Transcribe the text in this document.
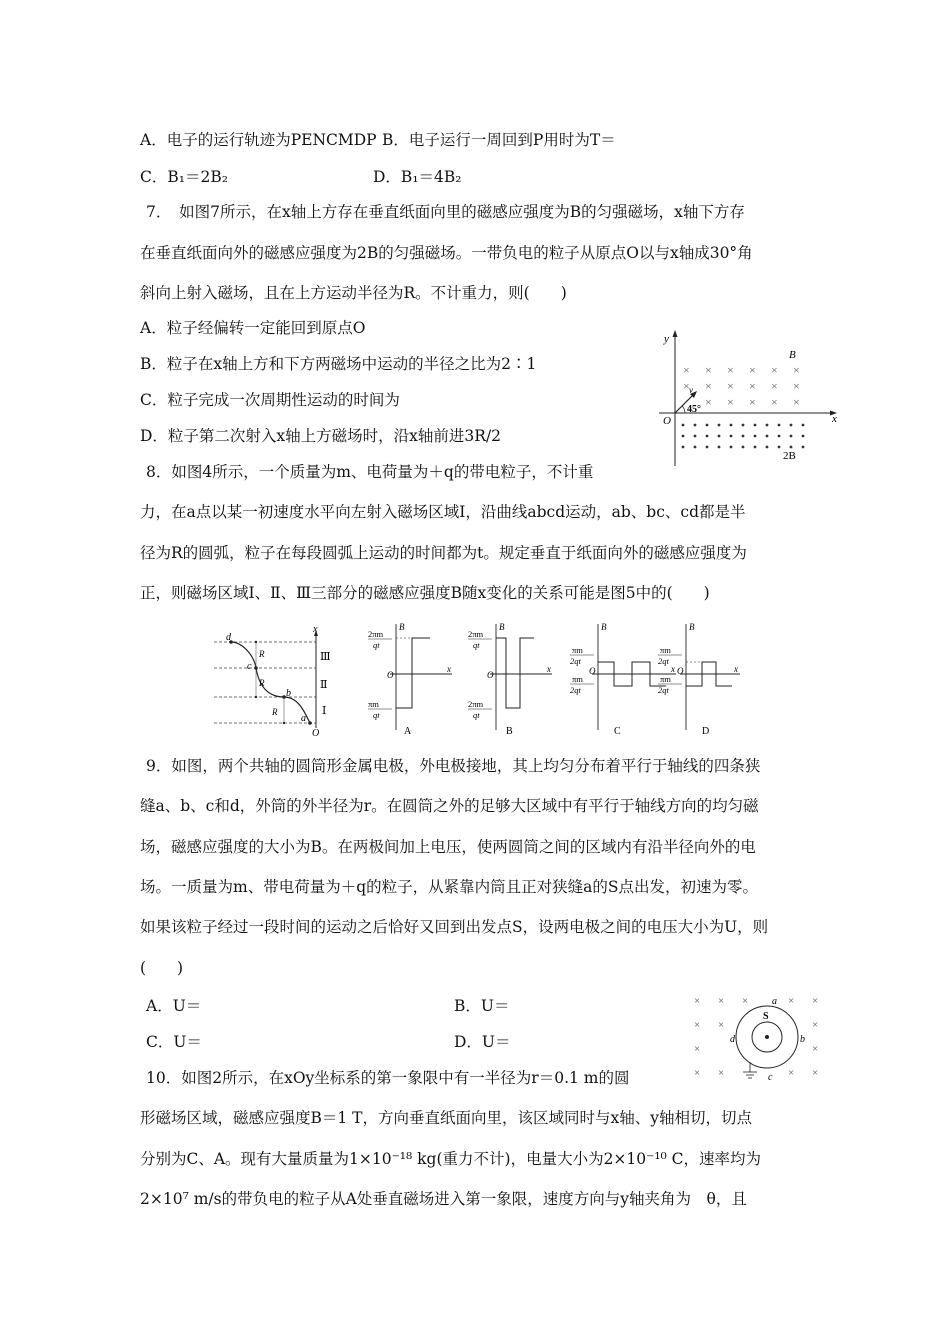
A．电子的运行轨迹为PENCMDP B．电子运行一周回到P用时为T＝
C．B₁＝2B₂	D．B₁＝4B₂
7．　如图7所示，在x轴上方存在垂直纸面向里的磁感应强度为B的匀强磁场，x轴下方存
在垂直纸面向外的磁感应强度为2B的匀强磁场。一带负电的粒子从原点O以与x轴成30°角
斜向上射入磁场，且在上方运动半径为R。不计重力，则(　　)
A．粒子经偏转一定能回到原点O
B．粒子在x轴上方和下方两磁场中运动的半径之比为2∶1
C．粒子完成一次周期性运动的时间为
D．粒子第二次射入x轴上方磁场时，沿x轴前进3R/2
y
x
O
B
2B
× × × × × ×
× × × × × ×
× × × × ×
v
45°
8．如图4所示，一个质量为m、电荷量为＋q的带电粒子，不计重
力，在a点以某一初速度水平向左射入磁场区域Ⅰ，沿曲线abcd运动，ab、bc、cd都是半
径为R的圆弧，粒子在每段圆弧上运动的时间都为t。规定垂直于纸面向外的磁感应强度为
正，则磁场区域Ⅰ、Ⅱ、Ⅲ三部分的磁感应强度B随x变化的关系可能是图5中的(　　)
d
c
b
a
O
x
R
R
R
Ⅲ
Ⅱ
Ⅰ
B
x
O
2πm
qt
πm
qt
A
B
x
O
2πm
qt
2πm
qt
B
B
x
O
πm
2qt
πm
2qt
C
B
x
O
πm
2qt
πm
2qt
D
9．如图，两个共轴的圆筒形金属电极，外电极接地，其上均匀分布着平行于轴线的四条狭
缝a、b、c和d，外筒的外半径为r。在圆筒之外的足够大区域中有平行于轴线方向的均匀磁
场，磁感应强度的大小为B。在两极间加上电压，使两圆筒之间的区域内有沿半径向外的电
场。一质量为m、带电荷量为＋q的粒子，从紧靠内筒且正对狭缝a的S点出发，初速为零。
如果该粒子经过一段时间的运动之后恰好又回到出发点S，设两电极之间的电压大小为U，则
(　　)
A．U＝	B．U＝
C．U＝	D．U＝
× × ×	× ×
× ×	×
×	×
× ×	× ×
S
a
b
c
d
10．如图2所示，在xOy坐标系的第一象限中有一半径为r＝0.1 m的圆
形磁场区域，磁感应强度B＝1 T，方向垂直纸面向里，该区域同时与x轴、y轴相切，切点
分别为C、A。现有大量质量为1×10⁻¹⁸ kg(重力不计)，电量大小为2×10⁻¹⁰ C，速率均为
2×10⁷ m/s的带负电的粒子从A处垂直磁场进入第一象限，速度方向与y轴夹角为　θ，且
